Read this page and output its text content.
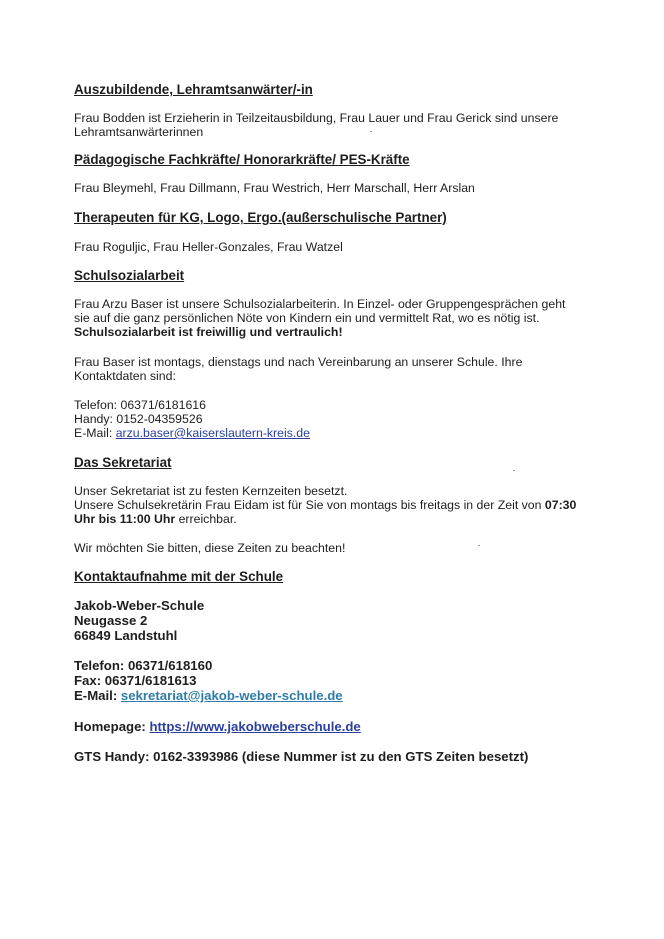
Auszubildende, Lehramtsanwärter/-in
Frau Bodden ist Erzieherin in Teilzeitausbildung, Frau Lauer und Frau Gerick sind unsere
Lehramtsanwärterinnen
Pädagogische Fachkräfte/ Honorarkräfte/ PES-Kräfte
Frau Bleymehl, Frau Dillmann, Frau Westrich, Herr Marschall, Herr Arslan
Therapeuten für KG, Logo, Ergo.(außerschulische Partner)
Frau Roguljic, Frau Heller-Gonzales, Frau Watzel
Schulsozialarbeit
Frau Arzu Baser ist unsere Schulsozialarbeiterin. In Einzel- oder Gruppengesprächen geht
sie auf die ganz persönlichen Nöte von Kindern ein und vermittelt Rat, wo es nötig ist.
Schulsozialarbeit ist freiwillig und vertraulich!
Frau Baser ist montags, dienstags und nach Vereinbarung an unserer Schule. Ihre
Kontaktdaten sind:
Telefon: 06371/6181616
Handy: 0152-04359526
E-Mail: arzu.baser@kaiserslautern-kreis.de
Das Sekretariat
Unser Sekretariat ist zu festen Kernzeiten besetzt.
Unsere Schulsekretärin Frau Eidam ist für Sie von montags bis freitags in der Zeit von 07:30
Uhr bis 11:00 Uhr erreichbar.
Wir möchten Sie bitten, diese Zeiten zu beachten!
Kontaktaufnahme mit der Schule
Jakob-Weber-Schule
Neugasse 2
66849 Landstuhl
Telefon: 06371/618160
Fax: 06371/6181613
E-Mail: sekretariat@jakob-weber-schule.de
Homepage: https://www.jakobweberschule.de
GTS Handy: 0162-3393986 (diese Nummer ist zu den GTS Zeiten besetzt)
